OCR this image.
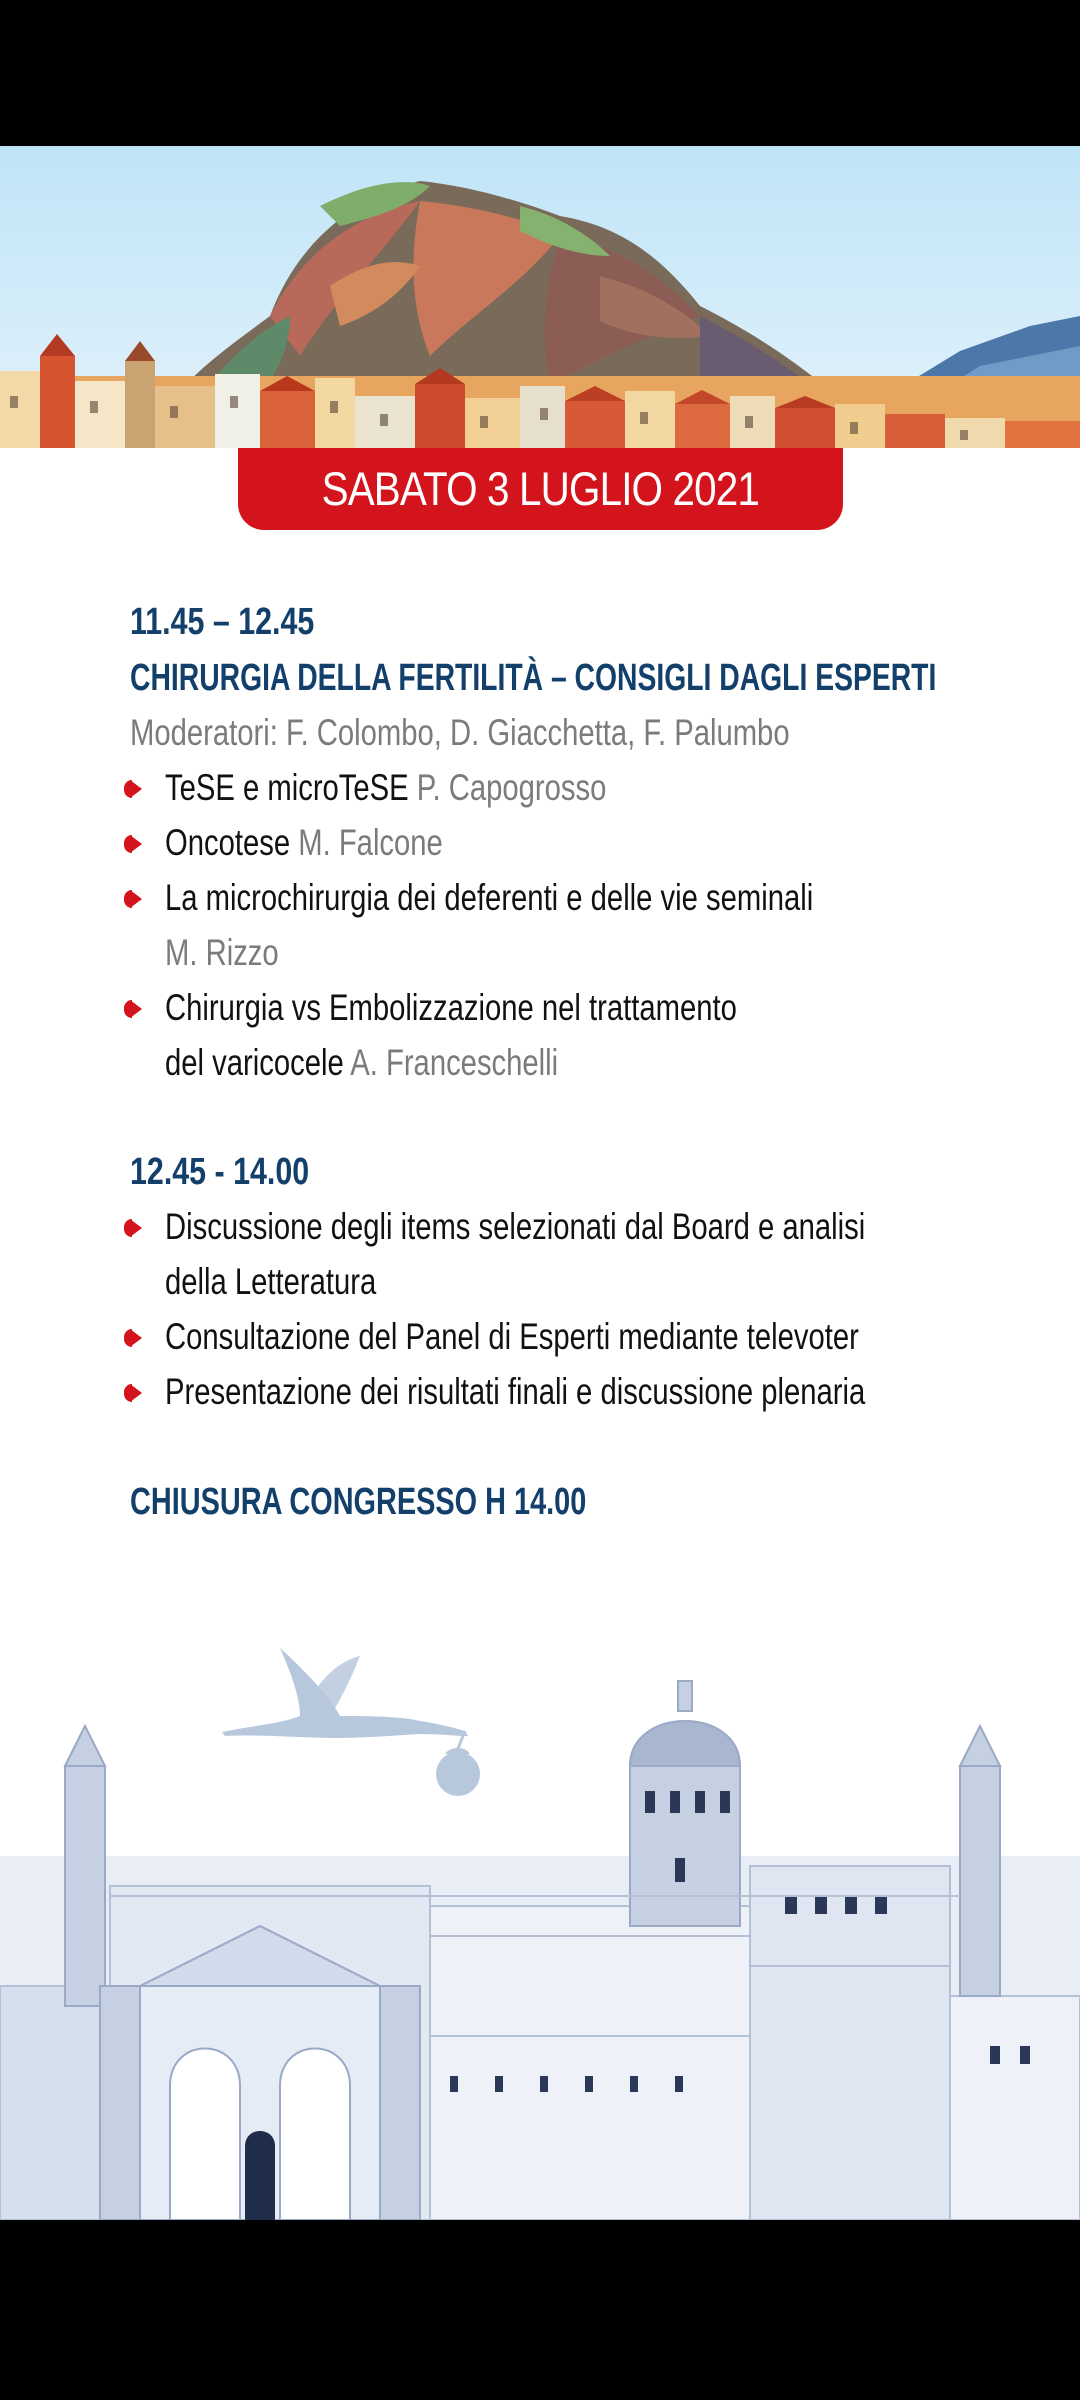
SABATO 3 LUGLIO 2021
11.45 – 12.45
CHIRURGIA DELLA FERTILITÀ – CONSIGLI DAGLI ESPERTI
Moderatori: F. Colombo, D. Giacchetta, F. Palumbo
TeSE e microTeSE P. Capogrosso
Oncotese M. Falcone
La microchirurgia dei deferenti e delle vie seminali
M. Rizzo
Chirurgia vs Embolizzazione nel trattamento
del varicocele A. Franceschelli
12.45 - 14.00
Discussione degli items selezionati dal Board e analisi
della Letteratura
Consultazione del Panel di Esperti mediante televoter
Presentazione dei risultati finali e discussione plenaria
CHIUSURA CONGRESSO H 14.00
